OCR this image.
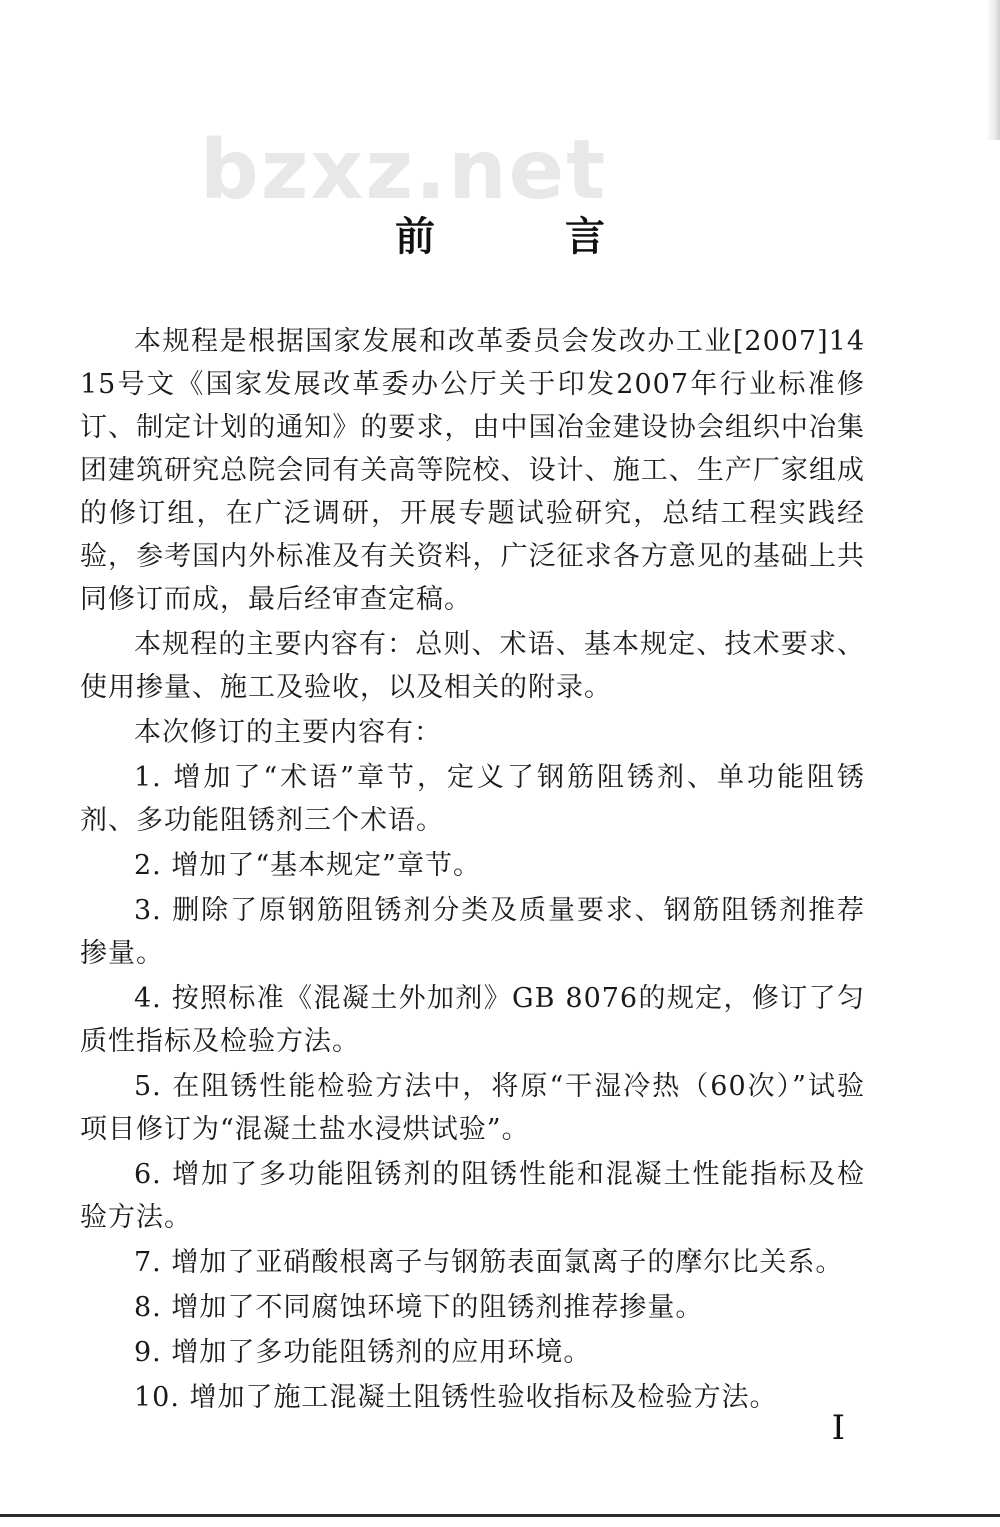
bzxz.net
前 言

本规程是根据国家发展和改革委员会发改办工业[2007]1415号文《国家发展改革委办公厅关于印发2007年行业标准修订、制定计划的通知》的要求，由中国冶金建设协会组织中冶集团建筑研究总院会同有关高等院校、设计、施工、生产厂家组成的修订组，在广泛调研，开展专题试验研究，总结工程实践经验，参考国内外标准及有关资料，广泛征求各方意见的基础上共同修订而成，最后经审查定稿。

本规程的主要内容有：总则、术语、基本规定、技术要求、使用掺量、施工及验收，以及相关的附录。

本次修订的主要内容有：

1. 增加了“术语”章节，定义了钢筋阻锈剂、单功能阻锈剂、多功能阻锈剂三个术语。

2. 增加了“基本规定”章节。

3. 删除了原钢筋阻锈剂分类及质量要求、钢筋阻锈剂推荐掺量。

4. 按照标准《混凝土外加剂》GB 8076的规定，修订了匀质性指标及检验方法。

5. 在阻锈性能检验方法中，将原“干湿冷热（60次）”试验项目修订为“混凝土盐水浸烘试验”。

6. 增加了多功能阻锈剂的阻锈性能和混凝土性能指标及检验方法。

7. 增加了亚硝酸根离子与钢筋表面氯离子的摩尔比关系。

8. 增加了不同腐蚀环境下的阻锈剂推荐掺量。

9. 增加了多功能阻锈剂的应用环境。

10. 增加了施工混凝土阻锈性验收指标及检验方法。

I
